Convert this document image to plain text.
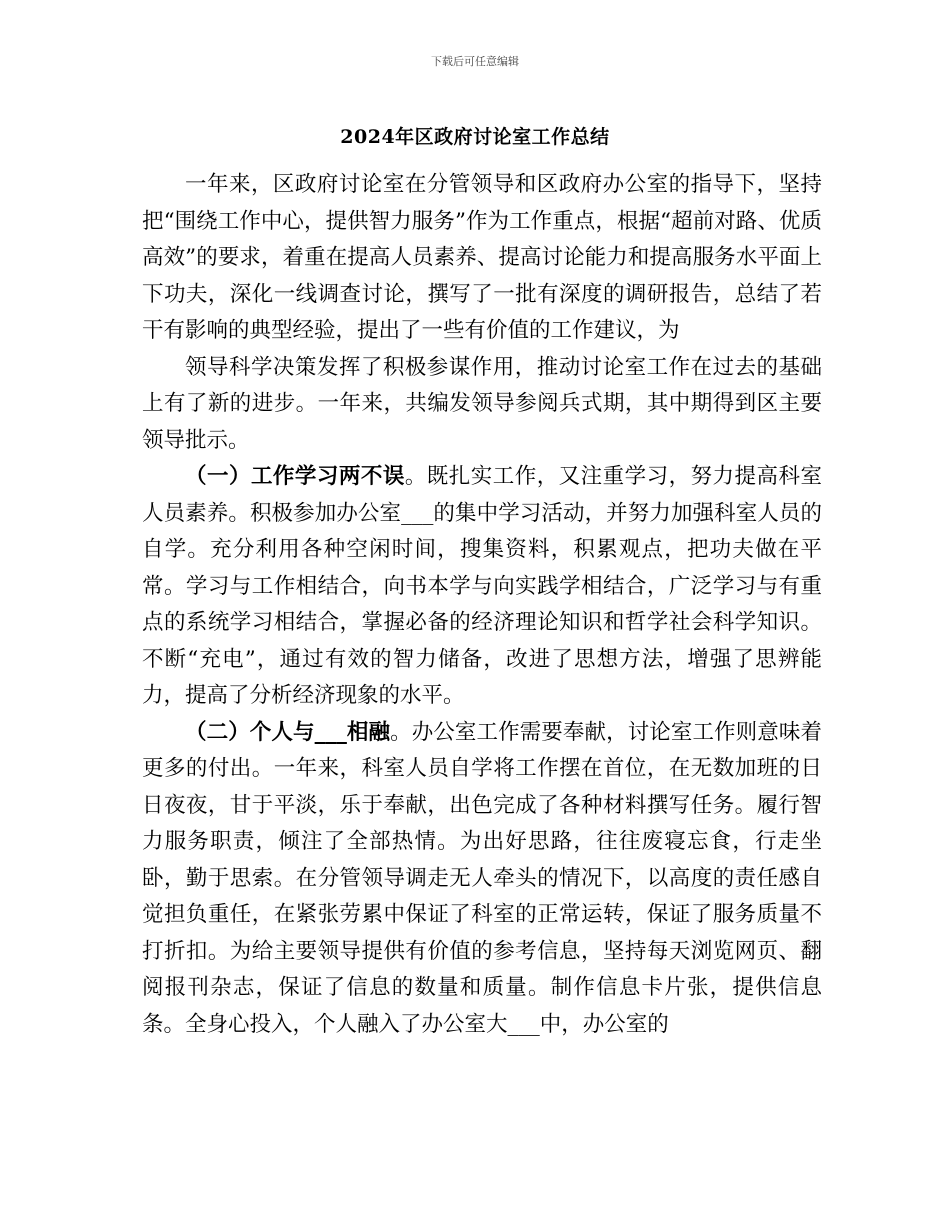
下载后可任意编辑
2024年区政府讨论室工作总结

一年来，区政府讨论室在分管领导和区政府办公室的指导下，坚持把“围绕工作中心，提供智力服务”作为工作重点，根据“超前对路、优质高效”的要求，着重在提高人员素养、提高讨论能力和提高服务水平面上下功夫，深化一线调查讨论，撰写了一批有深度的调研报告，总结了若干有影响的典型经验，提出了一些有价值的工作建议，为

领导科学决策发挥了积极参谋作用，推动讨论室工作在过去的基础上有了新的进步。一年来，共编发领导参阅兵式期，其中期得到区主要领导批示。

（一）工作学习两不误。既扎实工作，又注重学习，努力提高科室人员素养。积极参加办公室___的集中学习活动，并努力加强科室人员的自学。充分利用各种空闲时间，搜集资料，积累观点，把功夫做在平常。学习与工作相结合，向书本学与向实践学相结合，广泛学习与有重点的系统学习相结合，掌握必备的经济理论知识和哲学社会科学知识。不断“充电”，通过有效的智力储备，改进了思想方法，增强了思辨能力，提高了分析经济现象的水平。

（二）个人与___相融。办公室工作需要奉献，讨论室工作则意味着更多的付出。一年来，科室人员自学将工作摆在首位，在无数加班的日日夜夜，甘于平淡，乐于奉献，出色完成了各种材料撰写任务。履行智力服务职责，倾注了全部热情。为出好思路，往往废寝忘食，行走坐卧，勤于思索。在分管领导调走无人牵头的情况下，以高度的责任感自觉担负重任，在紧张劳累中保证了科室的正常运转，保证了服务质量不打折扣。为给主要领导提供有价值的参考信息，坚持每天浏览网页、翻阅报刊杂志，保证了信息的数量和质量。制作信息卡片张，提供信息条。全身心投入，个人融入了办公室大___中，办公室的
